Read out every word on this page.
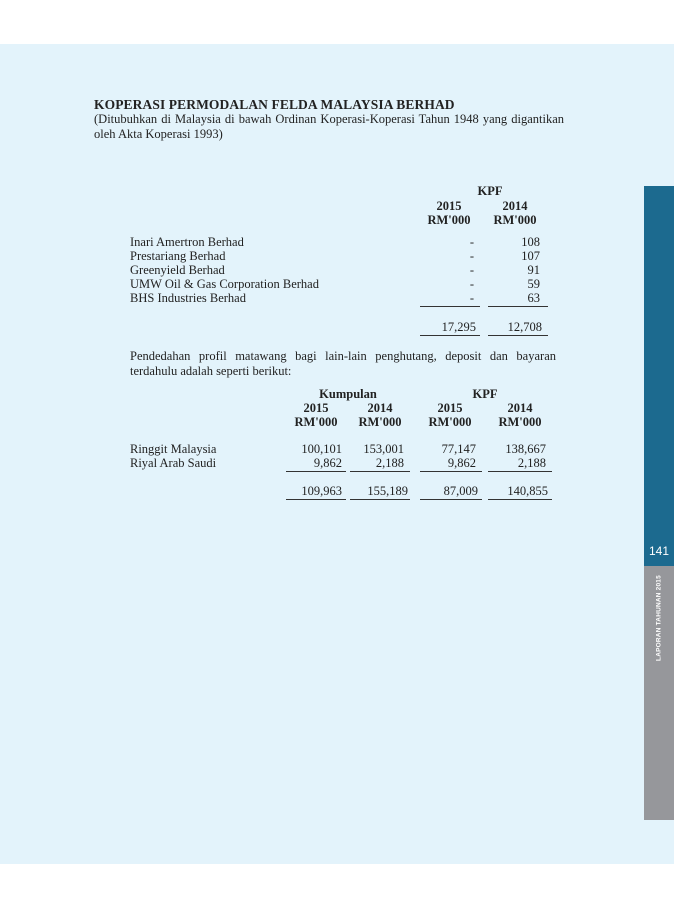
KOPERASI PERMODALAN FELDA MALAYSIA BERHAD
(Ditubuhkan di Malaysia di bawah Ordinan Koperasi-Koperasi Tahun 1948 yang digantikan oleh Akta Koperasi 1993)
KPF
2015	2014
RM'000	RM'000
Inari Amertron Berhad	-	108
Prestariang Berhad	-	107
Greenyield Berhad	-	91
UMW Oil & Gas Corporation Berhad	-	59
BHS Industries Berhad	-	63
17,295	12,708
Pendedahan profil matawang bagi lain-lain penghutang, deposit dan bayaran terdahulu adalah seperti berikut:
Kumpulan	KPF
2015	2014	2015	2014
RM'000	RM'000	RM'000	RM'000
Ringgit Malaysia	100,101	153,001	77,147	138,667
Riyal Arab Saudi	9,862	2,188	9,862	2,188
109,963	155,189	87,009	140,855
141
LAPORAN TAHUNAN 2015
